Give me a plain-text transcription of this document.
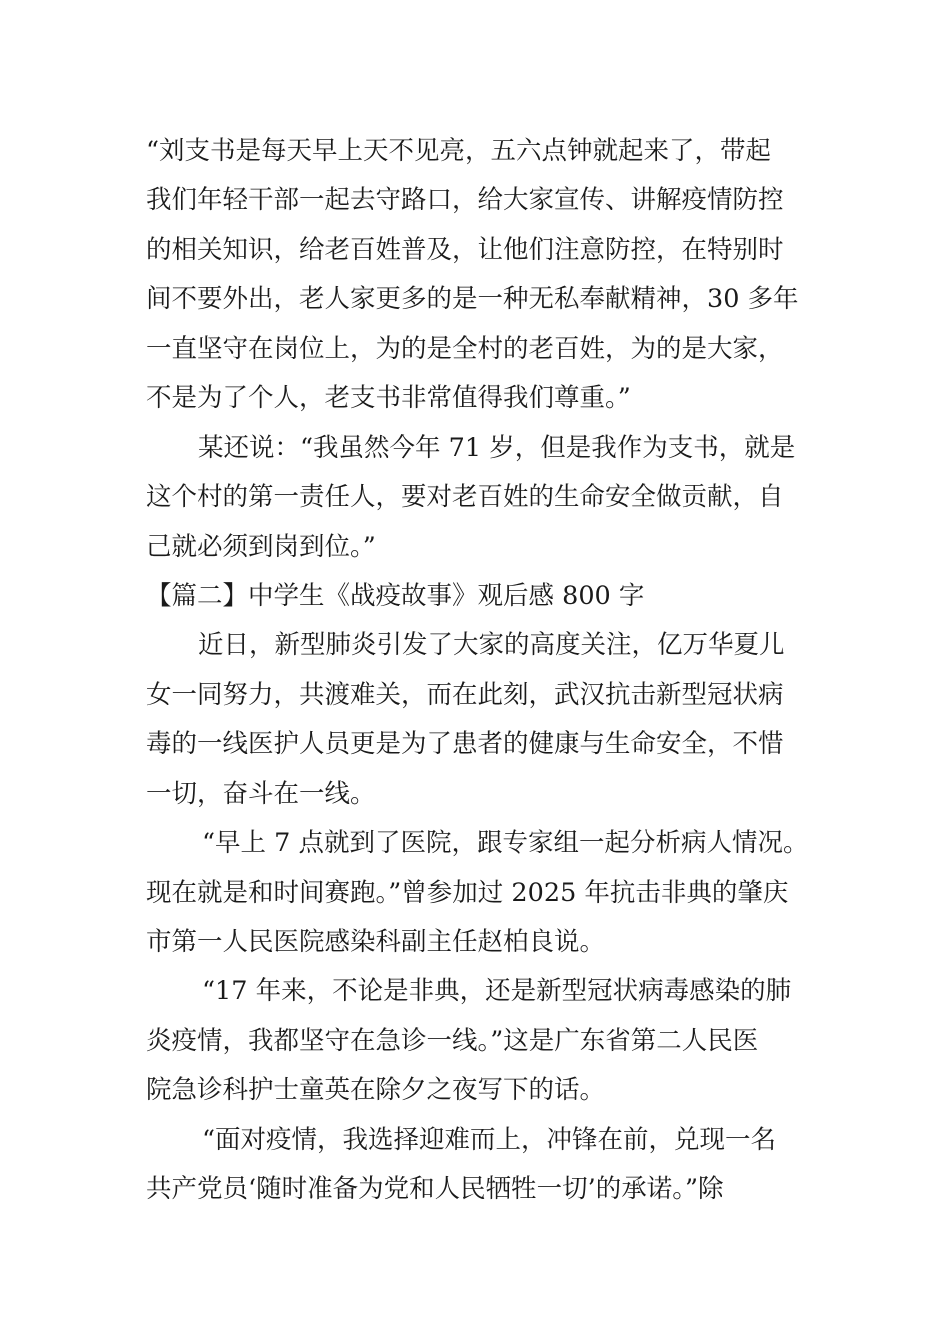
“刘支书是每天早上天不见亮，五六点钟就起来了，带起
我们年轻干部一起去守路口，给大家宣传、讲解疫情防控
的相关知识，给老百姓普及，让他们注意防控，在特别时
间不要外出，老人家更多的是一种无私奉献精神，30 多年
一直坚守在岗位上，为的是全村的老百姓，为的是大家，
不是为了个人，老支书非常值得我们尊重。”
某还说：“我虽然今年 71 岁，但是我作为支书，就是
这个村的第一责任人，要对老百姓的生命安全做贡献，自
己就必须到岗到位。”
【篇二】中学生《战疫故事》观后感 800 字
近日，新型肺炎引发了大家的高度关注，亿万华夏儿
女一同努力，共渡难关，而在此刻，武汉抗击新型冠状病
毒的一线医护人员更是为了患者的健康与生命安全，不惜
一切，奋斗在一线。
“早上 7 点就到了医院，跟专家组一起分析病人情况。
现在就是和时间赛跑。”曾参加过 2025 年抗击非典的肇庆
市第一人民医院感染科副主任赵柏良说。
“17 年来，不论是非典，还是新型冠状病毒感染的肺
炎疫情，我都坚守在急诊一线。”这是广东省第二人民医
院急诊科护士童英在除夕之夜写下的话。
“面对疫情，我选择迎难而上，冲锋在前，兑现一名
共产党员‘随时准备为党和人民牺牲一切’的承诺。”除
